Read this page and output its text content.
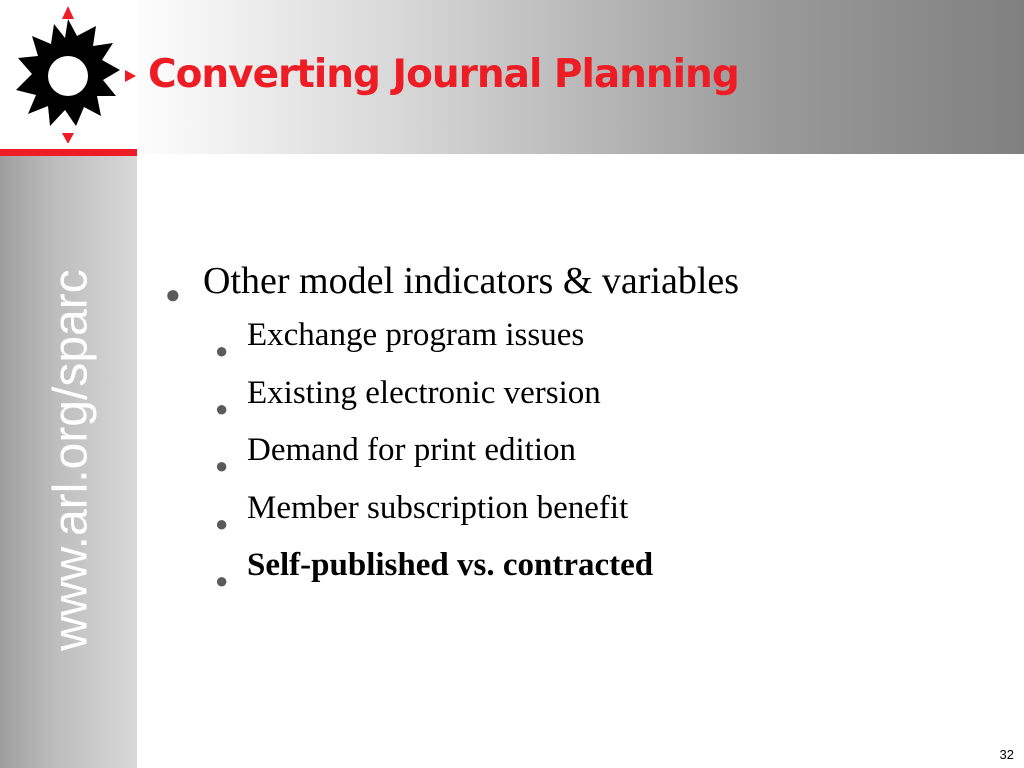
www.arl.org/sparc
Converting Journal Planning
● Other model indicators & variables
● Exchange program issues
● Existing electronic version
● Demand for print edition
● Member subscription benefit
● Self-published vs. contracted
32
